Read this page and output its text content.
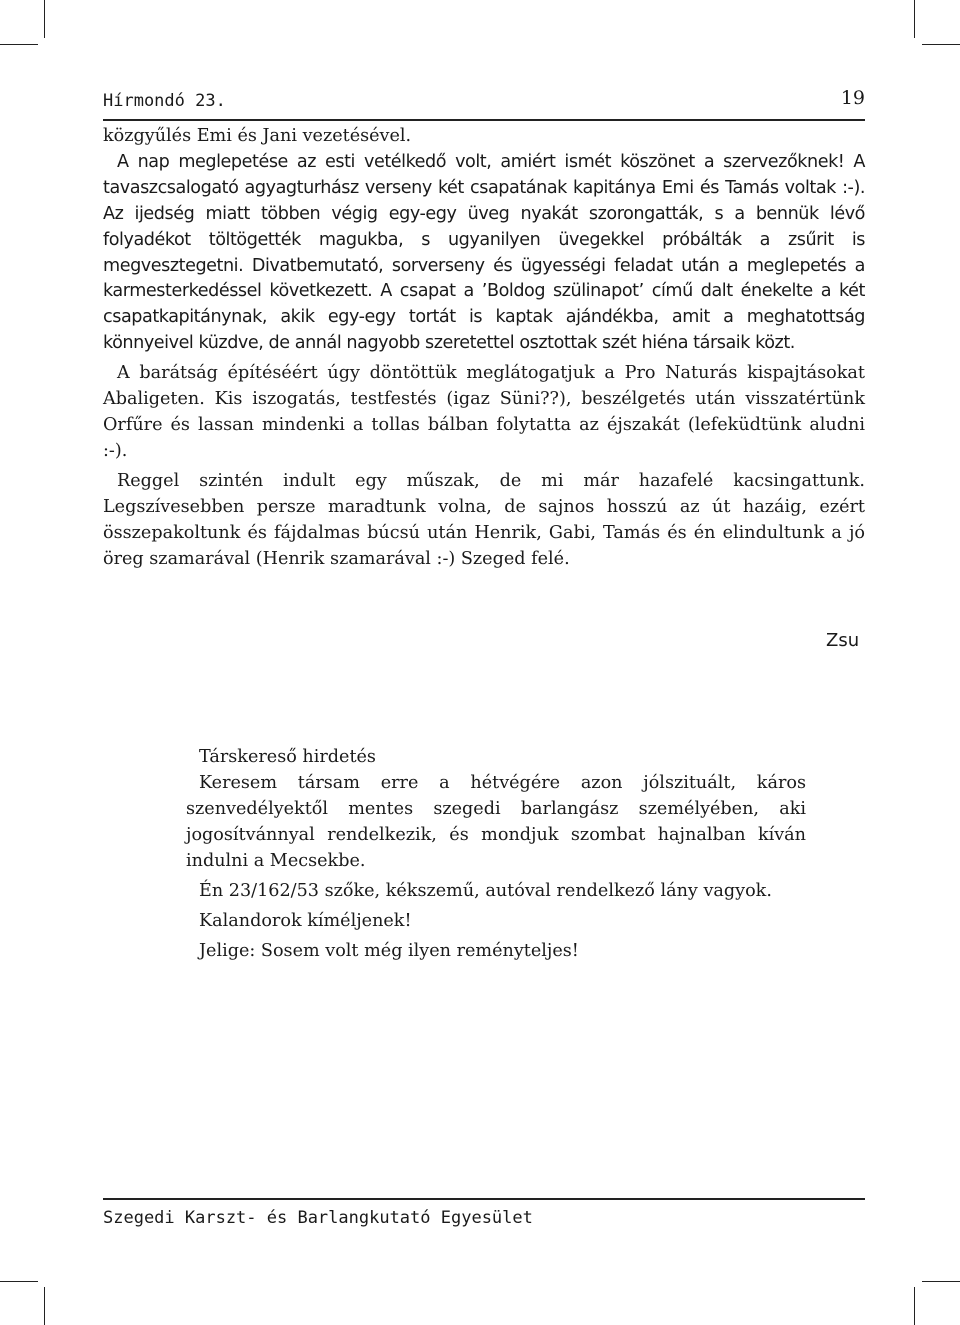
Hírmondó 23.	19

közgyűlés Emi és Jani vezetésével.

A nap meglepetése az esti vetélkedő volt, amiért ismét köszönet a szervezőknek! A tavaszcsalogató agyagturhász verseny két csapatának kapitánya Emi és Tamás voltak :-). Az ijedség miatt többen végig egy-egy üveg nyakát szorongatták, s a bennük lévő folyadékot töltögették magukba, s ugyanilyen üvegekkel próbálták a zsűrit is megvesztegetni. Divatbemutató, sorverseny és ügyességi feladat után a meglepetés a karmesterkedéssel következett. A csapat a ’Boldog szülinapot’ című dalt énekelte a két csapatkapitánynak, akik egy-egy tortát is kaptak ajándékba, amit a meghatottság könnyeivel küzdve, de annál nagyobb szeretettel osztottak szét hiéna társaik közt.

A barátság építéséért úgy döntöttük meglátogatjuk a Pro Naturás kispajtásokat Abaligeten. Kis iszogatás, testfestés (igaz Süni??), beszélgetés után visszatértünk Orfűre és lassan mindenki a tollas bálban folytatta az éjszakát (lefeküdtünk aludni :-).

Reggel szintén indult egy műszak, de mi már hazafelé kacsingattunk. Legszívesebben persze maradtunk volna, de sajnos hosszú az út hazáig, ezért összepakoltunk és fájdalmas búcsú után Henrik, Gabi, Tamás és én elindultunk a jó öreg szamarával (Henrik szamarával :-) Szeged felé.

Zsu
Társkereső hirdetés

Keresem társam erre a hétvégére azon jólszituált, káros szenvedélyektől mentes szegedi barlangász személyében, aki jogosítvánnyal rendelkezik, és mondjuk szombat hajnalban kíván indulni a Mecsekbe.

Én 23/162/53 szőke, kékszemű, autóval rendelkező lány vagyok.

Kalandorok kíméljenek!

Jelige: Sosem volt még ilyen reményteljes!

Szegedi Karszt- és Barlangkutató Egyesület
